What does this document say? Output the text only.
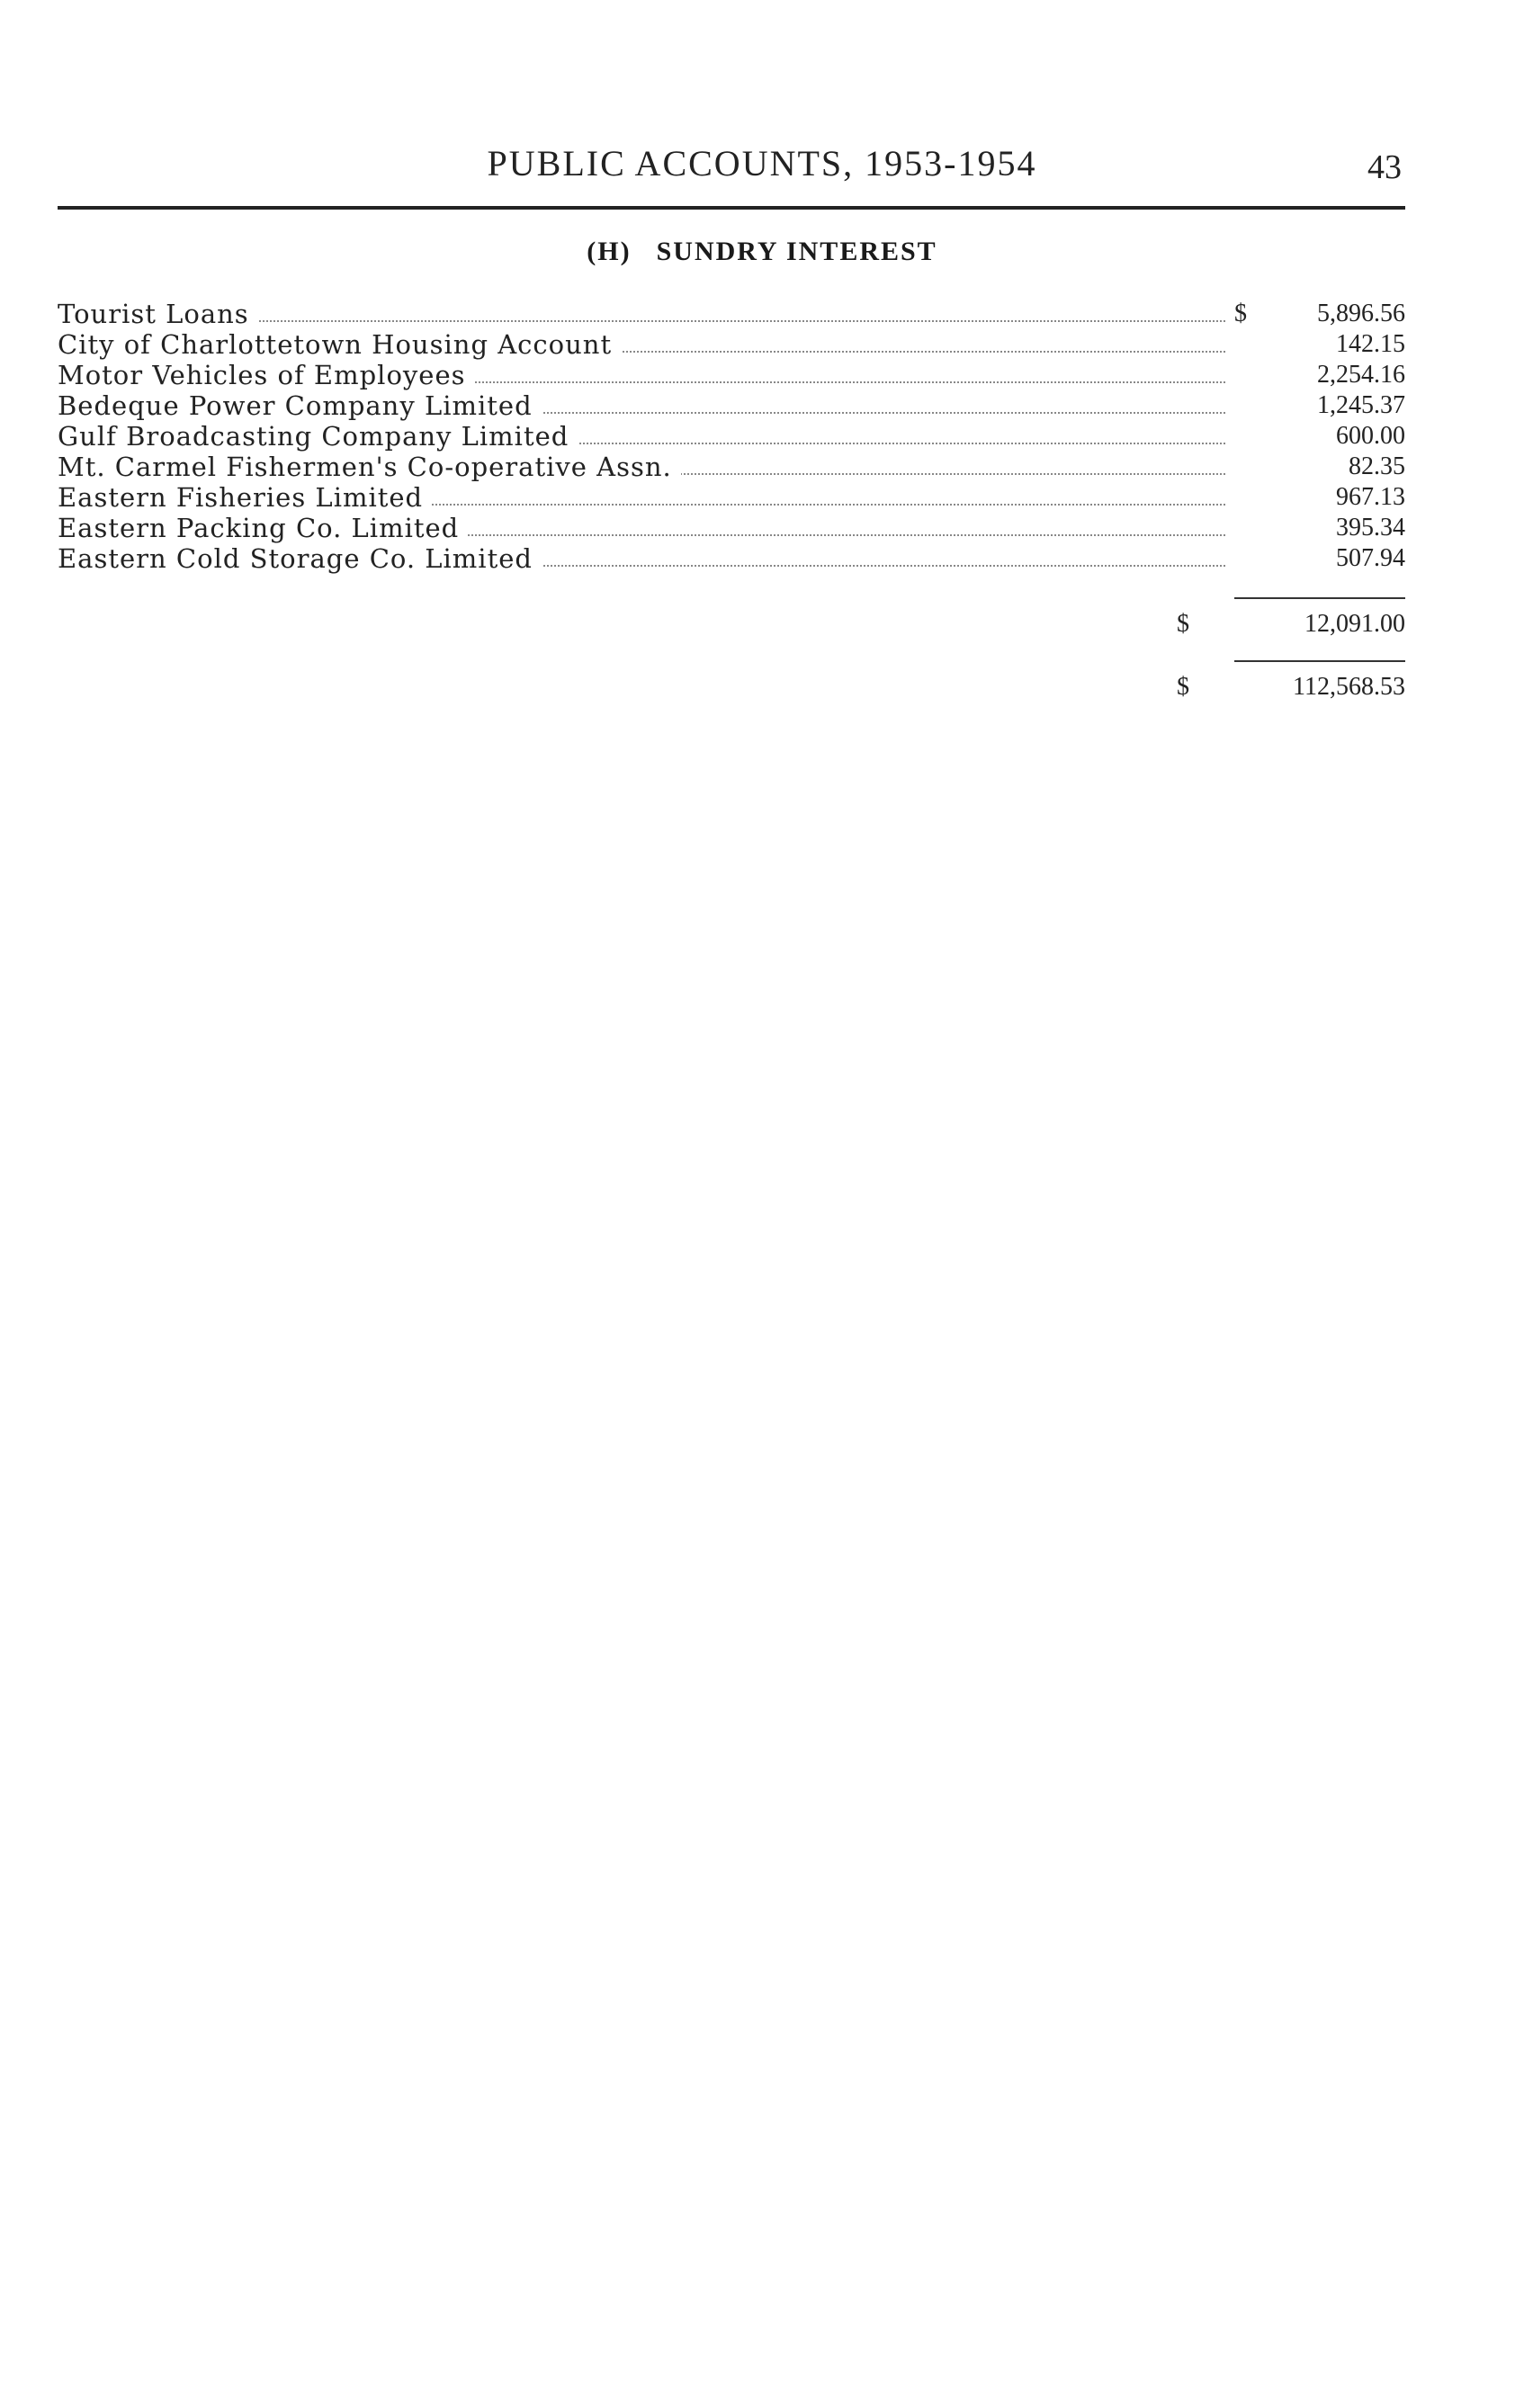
PUBLIC ACCOUNTS, 1953-1954	43
(H) SUNDRY INTEREST
Tourist Loans	$	5,896.56
City of Charlottetown Housing Account	142.15
Motor Vehicles of Employees	2,254.16
Bedeque Power Company Limited	1,245.37
Gulf Broadcasting Company Limited	600.00
Mt. Carmel Fishermen's Co-operative Assn.	82.35
Eastern Fisheries Limited	967.13
Eastern Packing Co. Limited	395.34
Eastern Cold Storage Co. Limited	507.94
$	12,091.00
$	112,568.53
